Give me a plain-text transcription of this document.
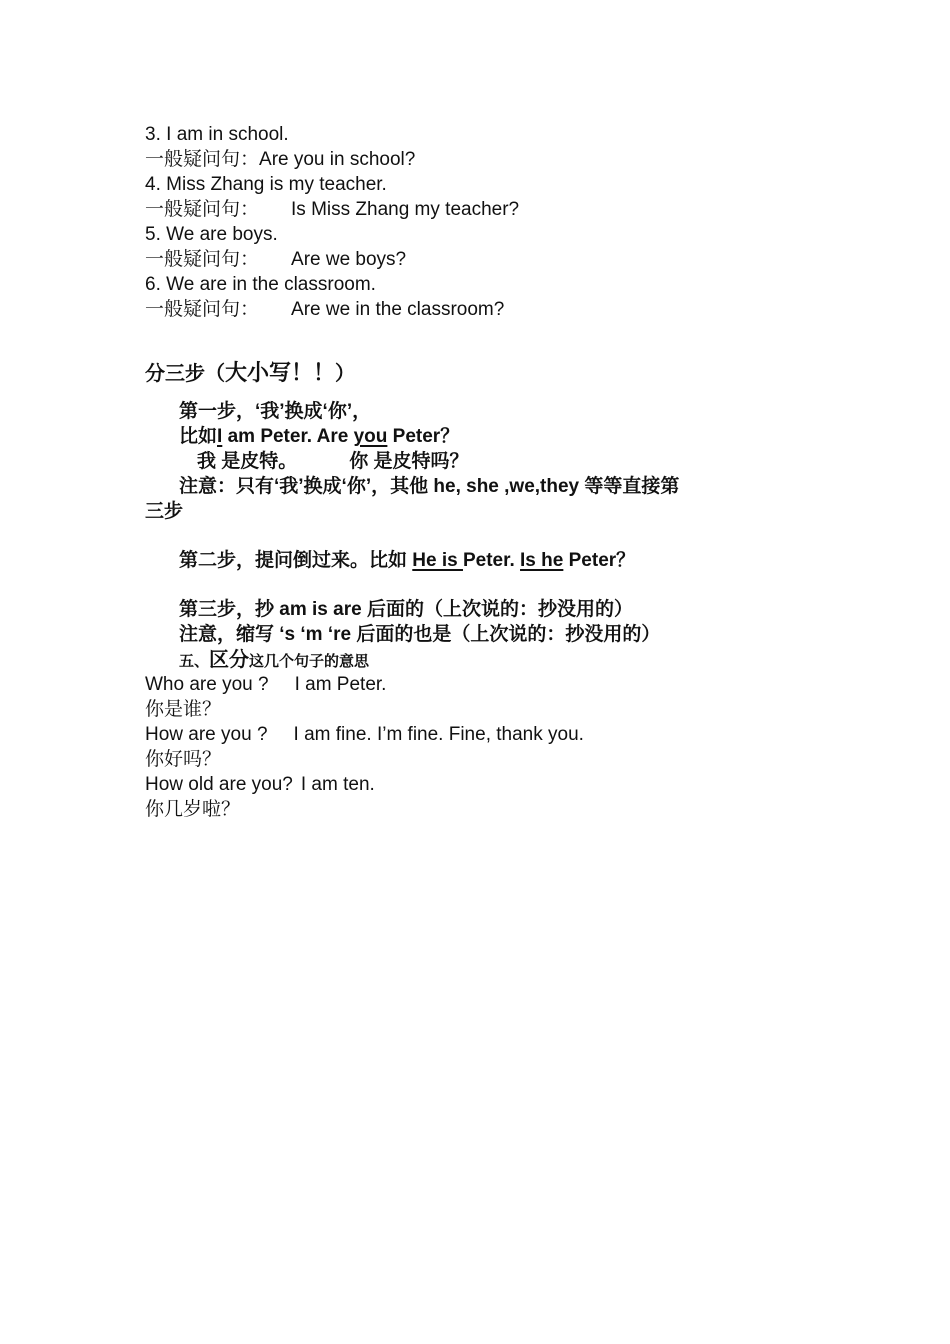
3. I am in school.
一般疑问句：Are you in school?
4. Miss Zhang is my teacher.
一般疑问句： Is Miss Zhang my teacher?
5. We are boys.
一般疑问句： Are we boys?
6. We are in the classroom.
一般疑问句： Are we in the classroom?
分三步（大小写！！）
第一步，‘我’换成‘你’，
比如I am Peter. Are you Peter？
我 是皮特。	你 是皮特吗？
注意：只有‘我’换成‘你’，其他 he, she ,we,they 等等直接第
三步
第二步，提问倒过来。比如 He is Peter. Is he Peter？
第三步，抄 am is are 后面的（上次说的：抄没用的）
注意，缩写 ‘s ‘m ‘re 后面的也是（上次说的：抄没用的）
五、区分这几个句子的意思
Who are you ? I am Peter.
你是谁？
How are you ? I am fine. I’m fine. Fine, thank you.
你好吗？
How old are you? I am ten.
你几岁啦？
